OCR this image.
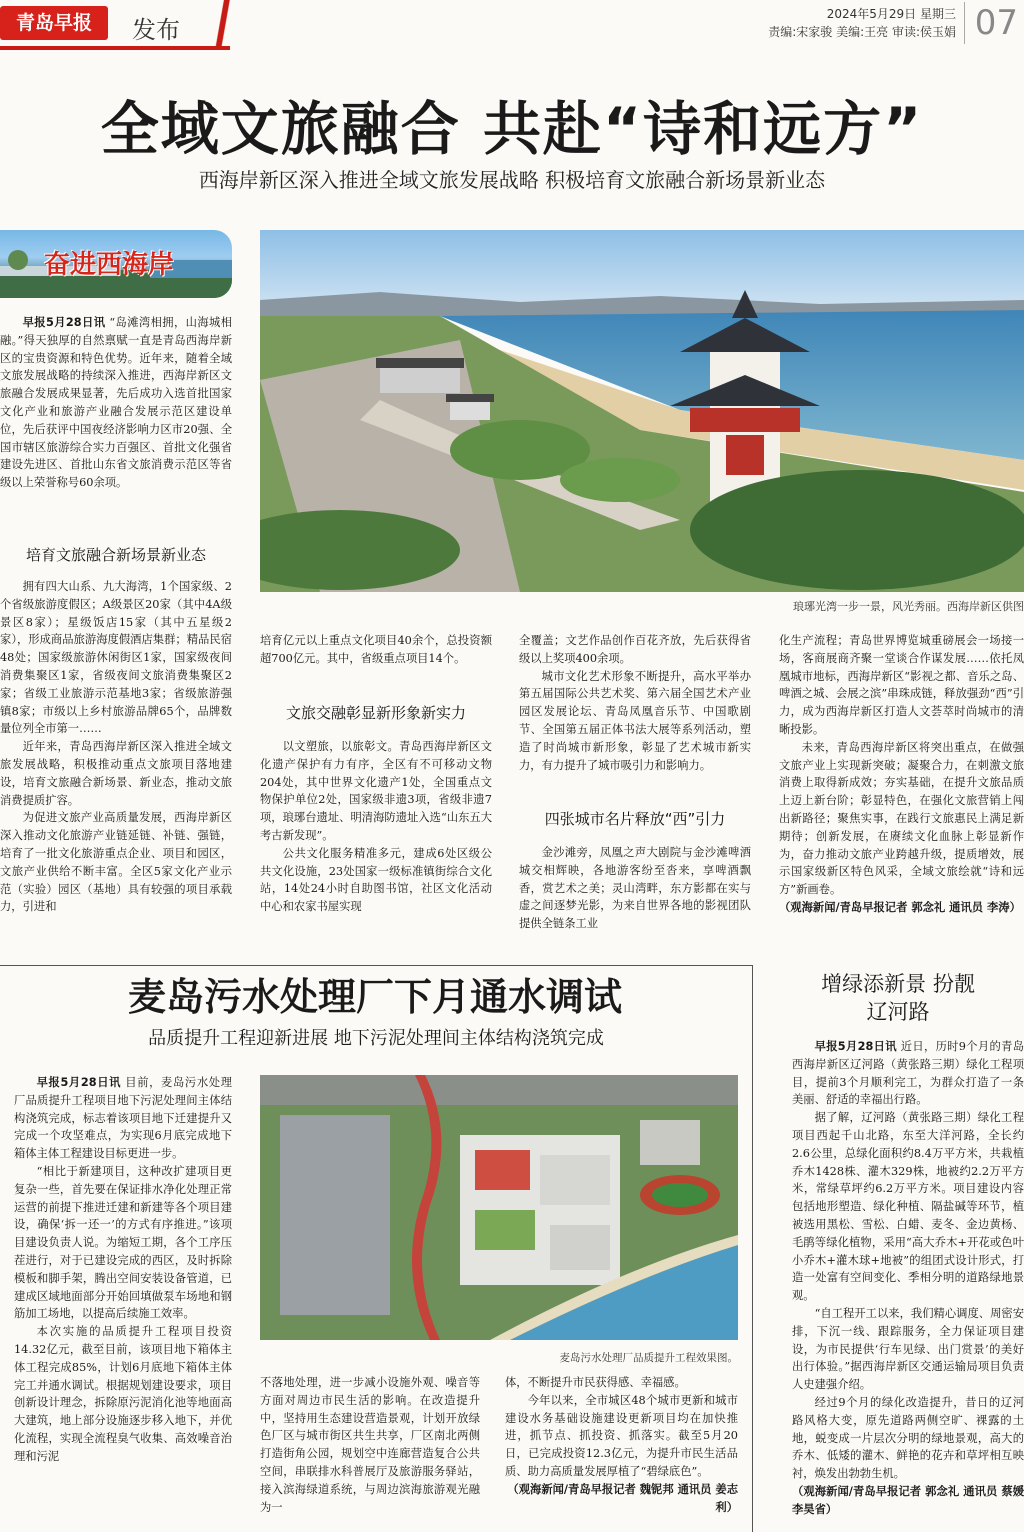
青岛早报	发布
2024年5月29日 星期三
责编:宋家骏 美编:王亮 审读:侯玉娟 07
全域文旅融合 共赴“诗和远方”
西海岸新区深入推进全域文旅发展战略 积极培育文旅融合新场景新业态
奋进西海岸
琅琊光湾一步一景，风光秀丽。西海岸新区供图

早报5月28日讯 “岛滩湾相拥，山海城相融。”得天独厚的自然禀赋一直是青岛西海岸新区的宝贵资源和特色优势。近年来，随着全域文旅发展战略的持续深入推进，西海岸新区文旅融合发展成果显著，先后成功入选首批国家文化产业和旅游产业融合发展示范区建设单位，先后获评中国夜经济影响力区市20强、全国市辖区旅游综合实力百强区、首批文化强省建设先进区、首批山东省文旅消费示范区等省级以上荣誉称号60余项。

培育文旅融合新场景新业态

拥有四大山系、九大海湾，1个国家级、2个省级旅游度假区；A级景区20家（其中4A级景区8家）；星级饭店15家（其中五星级2家），形成商品旅游海度假酒店集群；精品民宿48处；国家级旅游休闲街区1家，国家级夜间消费集聚区1家，省级夜间文旅消费集聚区2家；省级工业旅游示范基地3家；省级旅游强镇8家；市级以上乡村旅游品牌65个，品牌数量位列全市第一……

近年来，青岛西海岸新区深入推进全域文旅发展战略，积极推动重点文旅项目落地建设，培育文旅融合新场景、新业态，推动文旅消费提质扩容。

为促进文旅产业高质量发展，西海岸新区深入推动文化旅游产业链延链、补链、强链，培育了一批文化旅游重点企业、项目和园区，文旅产业供给不断丰富。全区5家文化产业示范（实验）园区（基地）具有较强的项目承载力，引进和

培育亿元以上重点文化项目40余个，总投资额超700亿元。其中，省级重点项目14个。

文旅交融彰显新形象新实力

以文塑旅，以旅彰文。青岛西海岸新区文化遗产保护有力有序，全区有不可移动文物204处，其中世界文化遗产1处，全国重点文物保护单位2处，国家级非遗3项，省级非遗7项，琅琊台遗址、明清海防遗址入选“山东五大考古新发现”。

公共文化服务精准多元，建成6处区级公共文化设施，23处国家一级标准镇街综合文化站，14处24小时自助图书馆，社区文化活动中心和农家书屋实现

全覆盖；文艺作品创作百花齐放，先后获得省级以上奖项400余项。

城市文化艺术形象不断提升，高水平举办第五届国际公共艺术奖、第六届全国艺术产业园区发展论坛、青岛凤凰音乐节、中国歌剧节、全国第五届正体书法大展等系列活动，塑造了时尚城市新形象，彰显了艺术城市新实力，有力提升了城市吸引力和影响力。

四张城市名片释放“西”引力

金沙滩旁，凤凰之声大剧院与金沙滩啤酒城交相辉映，各地游客纷至沓来，享啤酒飘香，赏艺术之美；灵山湾畔，东方影都在实与虚之间逐梦光影，为来自世界各地的影视团队提供全链条工业

化生产流程；青岛世界博览城重磅展会一场接一场，客商展商齐聚一堂谈合作谋发展……依托凤凰城市地标，西海岸新区“影视之都、音乐之岛、啤酒之城、会展之滨”串珠成链，释放强劲“西”引力，成为西海岸新区打造人文荟萃时尚城市的清晰投影。

未来，青岛西海岸新区将突出重点，在做强文旅产业上实现新突破；凝聚合力，在刺激文旅消费上取得新成效；夯实基础，在提升文旅品质上迈上新台阶；彰显特色，在强化文旅营销上闯出新路径；聚焦实事，在践行文旅惠民上满足新期待；创新发展，在赓续文化血脉上彰显新作为，奋力推动文旅产业跨越升级，提质增效，展示国家级新区特色风采，全域文旅绘就“诗和远方”新画卷。

（观海新闻/青岛早报记者 郭念礼 通讯员 李涛）

麦岛污水处理厂下月通水调试
品质提升工程迎新进展 地下污泥处理间主体结构浇筑完成
麦岛污水处理厂品质提升工程效果图。

早报5月28日讯 目前，麦岛污水处理厂品质提升工程项目地下污泥处理间主体结构浇筑完成，标志着该项目地下迁建提升又完成一个攻坚难点，为实现6月底完成地下箱体主体工程建设目标更进一步。

“相比于新建项目，这种改扩建项目更复杂一些，首先要在保证排水净化处理正常运营的前提下推进迁建和新建等各个项目建设，确保‘拆一还一’的方式有序推进。”该项目建设负责人说。为缩短工期，各个工序压茬进行，对于已建设完成的西区，及时拆除模板和脚手架，腾出空间安装设备管道，已建成区域地面部分开始回填做泵车场地和钢筋加工场地，以提高后续施工效率。

本次实施的品质提升工程项目投资14.32亿元，截至目前，该项目地下箱体主体工程完成85%，计划6月底地下箱体主体完工并通水调试。根据规划建设要求，项目创新设计理念，拆除原污泥消化池等地面高大建筑，地上部分设施逐步移入地下，并优化流程，实现全流程臭气收集、高效噪音治理和污泥

不落地处理，进一步减小设施外观、噪音等方面对周边市民生活的影响。在改造提升中，坚持用生态建设营造景观，计划开放绿色厂区与城市街区共生共享，厂区南北两侧打造街角公园，规划空中连廊营造复合公共空间，串联排水科普展厅及旅游服务驿站，接入滨海绿道系统，与周边滨海旅游观光融为一

体，不断提升市民获得感、幸福感。

今年以来，全市城区48个城市更新和城市建设水务基础设施建设更新项目均在加快推进，抓节点、抓投资、抓落实。截至5月20日，已完成投资12.3亿元，为提升市民生活品质、助力高质量发展厚植了“碧绿底色”。

（观海新闻/青岛早报记者 魏铌邦 通讯员 姜志利）

增绿添新景 扮靓辽河路

早报5月28日讯 近日，历时9个月的青岛西海岸新区辽河路（黄张路三期）绿化工程项目，提前3个月顺利完工，为群众打造了一条美丽、舒适的幸福出行路。

据了解，辽河路（黄张路三期）绿化工程项目西起千山北路，东至大洋河路，全长约2.6公里，总绿化面积约8.4万平方米，共栽植乔木1428株、灌木329株，地被约2.2万平方米，常绿草坪约6.2万平方米。项目建设内容包括地形塑造、绿化种植、隔盐碱等环节，植被选用黑松、雪松、白蜡、麦冬、金边黄杨、毛鹃等绿化植物，采用“高大乔木+开花或色叶小乔木+灌木球+地被”的组团式设计形式，打造一处富有空间变化、季相分明的道路绿地景观。

“自工程开工以来，我们精心调度、周密安排，下沉一线、跟踪服务，全力保证项目建设，为市民提供‘行车见绿、出门赏景’的美好出行体验。”据西海岸新区交通运输局项目负责人史建强介绍。

经过9个月的绿化改造提升，昔日的辽河路风格大变，原先道路两侧空旷、裸露的土地，蜕变成一片层次分明的绿地景观，高大的乔木、低矮的灌木、鲜艳的花卉和草坪相互映衬，焕发出勃勃生机。

（观海新闻/青岛早报记者 郭念礼 通讯员 蔡媛 李昊省）
